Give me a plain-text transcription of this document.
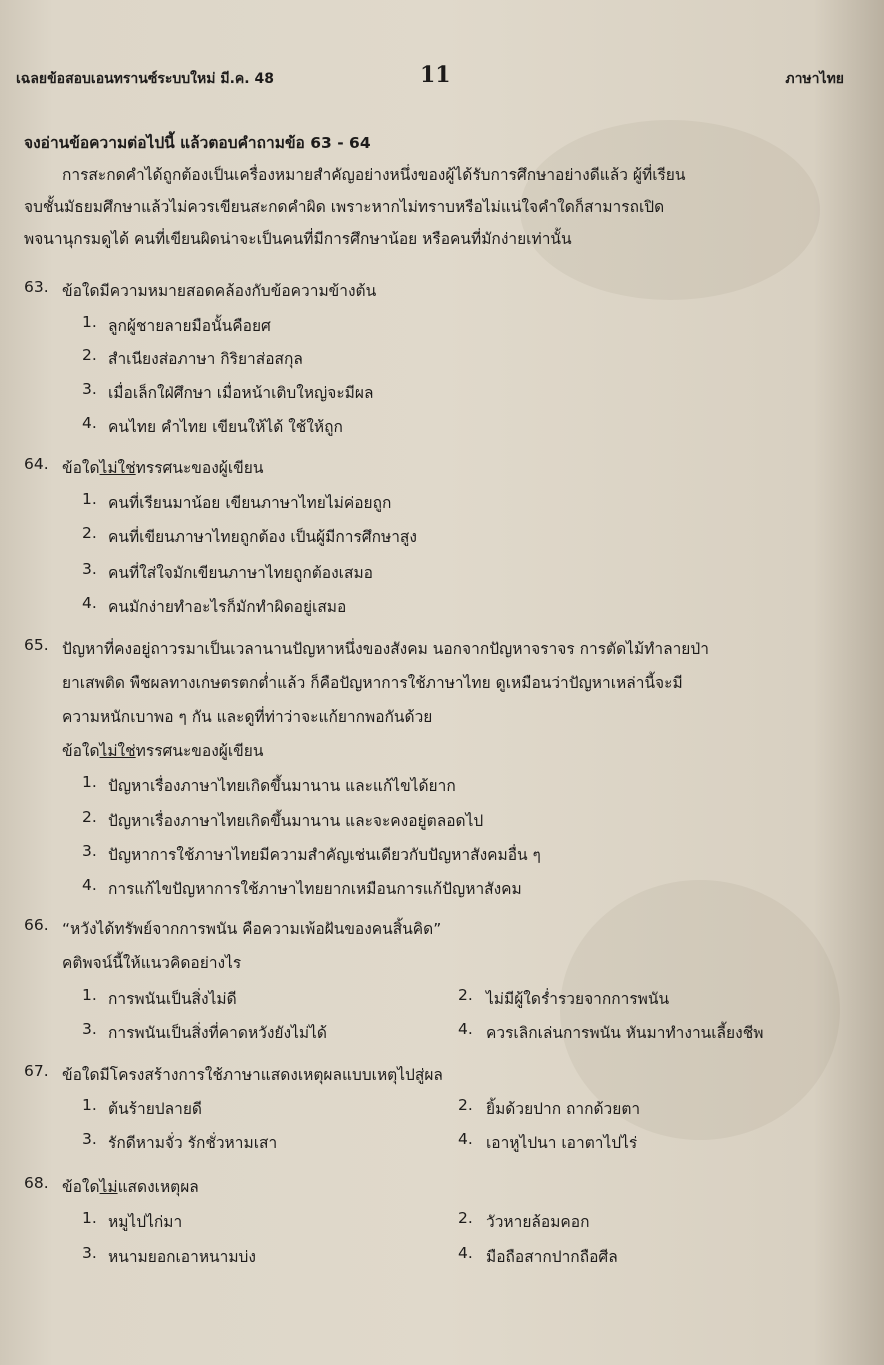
เฉลยข้อสอบเอนทรานซ์ระบบใหม่ มี.ค. 48	11	ภาษาไทย
จงอ่านข้อความต่อไปนี้ แล้วตอบคำถามข้อ 63 - 64
การสะกดคำได้ถูกต้องเป็นเครื่องหมายสำคัญอย่างหนึ่งของผู้ได้รับการศึกษาอย่างดีแล้ว ผู้ที่เรียน
จบชั้นมัธยมศึกษาแล้วไม่ควรเขียนสะกดคำผิด เพราะหากไม่ทราบหรือไม่แน่ใจคำใดก็สามารถเปิด
พจนานุกรมดูได้ คนที่เขียนผิดน่าจะเป็นคนที่มีการศึกษาน้อย หรือคนที่มักง่ายเท่านั้น
63. ข้อใดมีความหมายสอดคล้องกับข้อความข้างต้น
1. ลูกผู้ชายลายมือนั้นคือยศ
2. สำเนียงส่อภาษา กิริยาส่อสกุล
3. เมื่อเล็กใฝ่ศึกษา เมื่อหน้าเติบใหญ่จะมีผล
4. คนไทย คำไทย เขียนให้ได้ ใช้ให้ถูก
64. ข้อใดไม่ใช่ทรรศนะของผู้เขียน
1. คนที่เรียนมาน้อย เขียนภาษาไทยไม่ค่อยถูก
2. คนที่เขียนภาษาไทยถูกต้อง เป็นผู้มีการศึกษาสูง
3. คนที่ใส่ใจมักเขียนภาษาไทยถูกต้องเสมอ
4. คนมักง่ายทำอะไรก็มักทำผิดอยู่เสมอ
65. ปัญหาที่คงอยู่ถาวรมาเป็นเวลานานปัญหาหนึ่งของสังคม นอกจากปัญหาจราจร การตัดไม้ทำลายป่า
ยาเสพติด พืชผลทางเกษตรตกต่ำแล้ว ก็คือปัญหาการใช้ภาษาไทย ดูเหมือนว่าปัญหาเหล่านี้จะมี
ความหนักเบาพอ ๆ กัน และดูที่ท่าว่าจะแก้ยากพอกันด้วย
ข้อใดไม่ใช่ทรรศนะของผู้เขียน
1. ปัญหาเรื่องภาษาไทยเกิดขึ้นมานาน และแก้ไขได้ยาก
2. ปัญหาเรื่องภาษาไทยเกิดขึ้นมานาน และจะคงอยู่ตลอดไป
3. ปัญหาการใช้ภาษาไทยมีความสำคัญเช่นเดียวกับปัญหาสังคมอื่น ๆ
4. การแก้ไขปัญหาการใช้ภาษาไทยยากเหมือนการแก้ปัญหาสังคม
66. “หวังได้ทรัพย์จากการพนัน คือความเพ้อฝันของคนสิ้นคิด”
คติพจน์นี้ให้แนวคิดอย่างไร
1. การพนันเป็นสิ่งไม่ดี	2. ไม่มีผู้ใดร่ำรวยจากการพนัน
3. การพนันเป็นสิ่งที่คาดหวังยังไม่ได้	4. ควรเลิกเล่นการพนัน หันมาทำงานเลี้ยงชีพ
67. ข้อใดมีโครงสร้างการใช้ภาษาแสดงเหตุผลแบบเหตุไปสู่ผล
1. ต้นร้ายปลายดี	2. ยิ้มด้วยปาก ถากด้วยตา
3. รักดีหามจั่ว รักชั่วหามเสา	4. เอาหูไปนา เอาตาไปไร่
68. ข้อใดไม่แสดงเหตุผล
1. หมูไปไก่มา	2. วัวหายล้อมคอก
3. หนามยอกเอาหนามบ่ง	4. มือถือสากปากถือศีล
